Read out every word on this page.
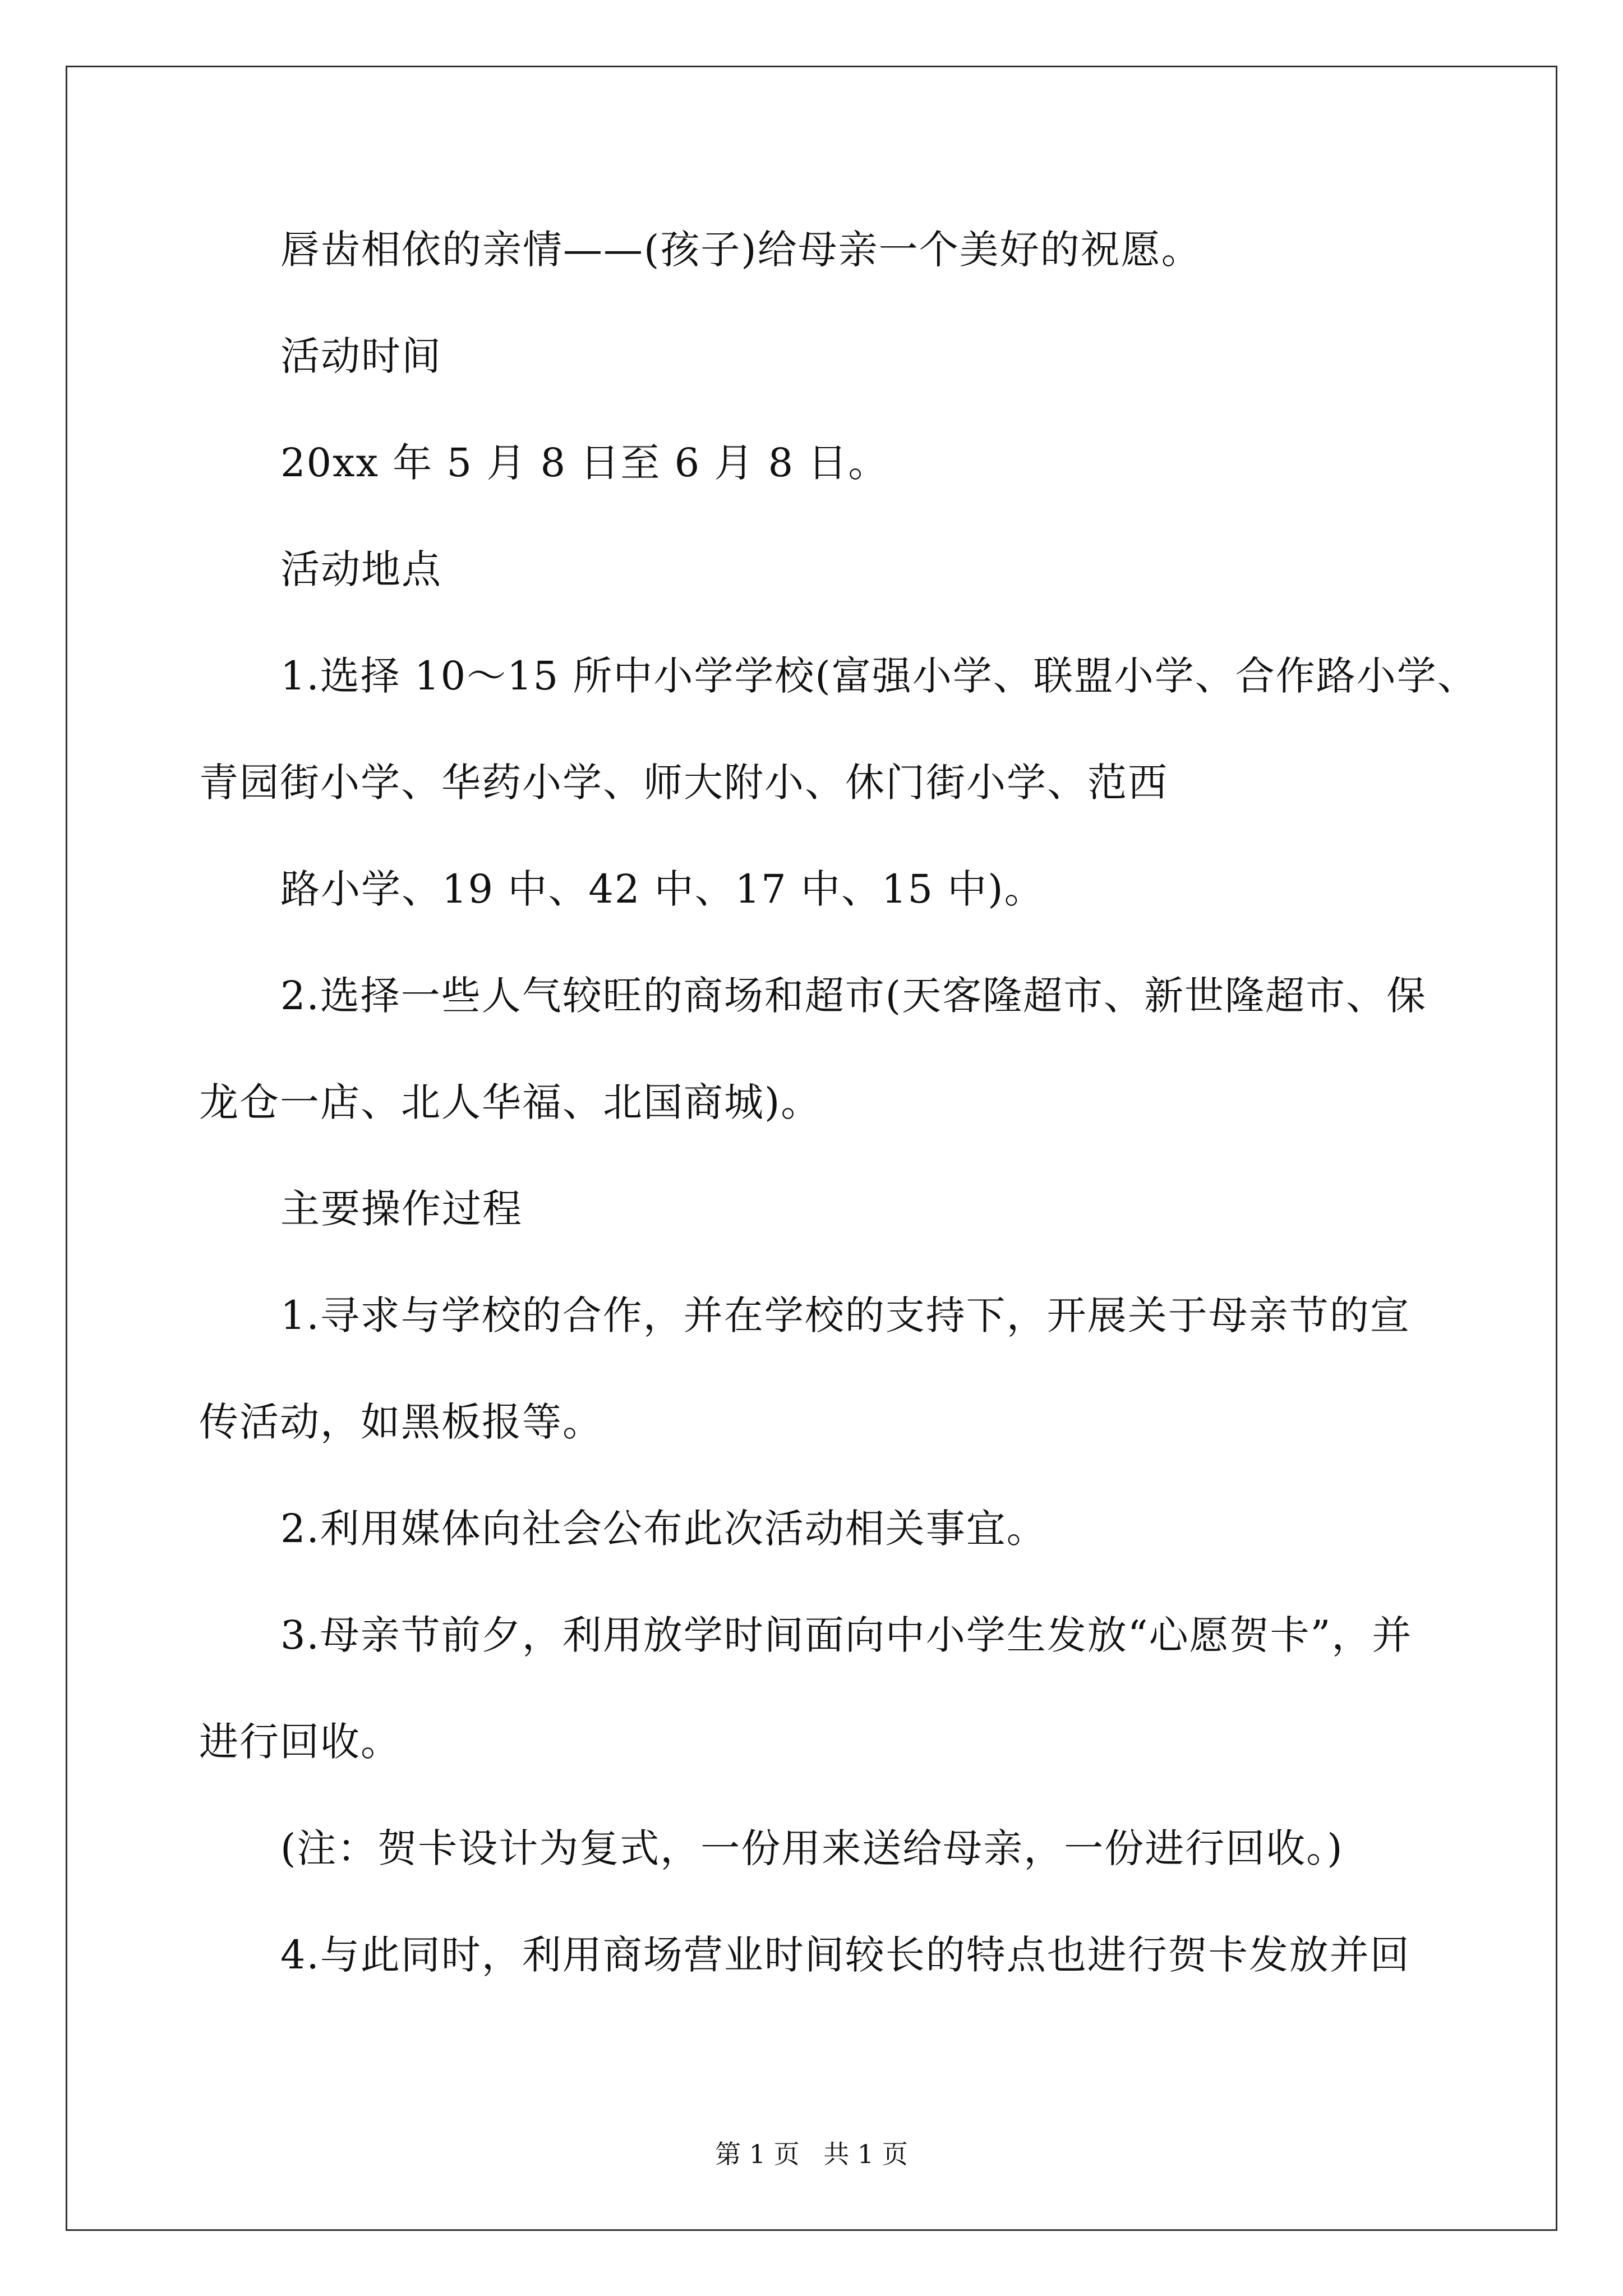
唇齿相依的亲情——(孩子)给母亲一个美好的祝愿。
活动时间
20xx 年 5 月 8 日至 6 月 8 日。
活动地点
1.选择 10～15 所中小学学校(富强小学、联盟小学、合作路小学、
青园街小学、华药小学、师大附小、休门街小学、范西
路小学、19 中、42 中、17 中、15 中)。
2.选择一些人气较旺的商场和超市(天客隆超市、新世隆超市、保
龙仓一店、北人华福、北国商城)。
主要操作过程
1.寻求与学校的合作，并在学校的支持下，开展关于母亲节的宣
传活动，如黑板报等。
2.利用媒体向社会公布此次活动相关事宜。
3.母亲节前夕，利用放学时间面向中小学生发放“心愿贺卡”，并
进行回收。
(注：贺卡设计为复式，一份用来送给母亲，一份进行回收。)
4.与此同时，利用商场营业时间较长的特点也进行贺卡发放并回
第 1 页 共 1 页
